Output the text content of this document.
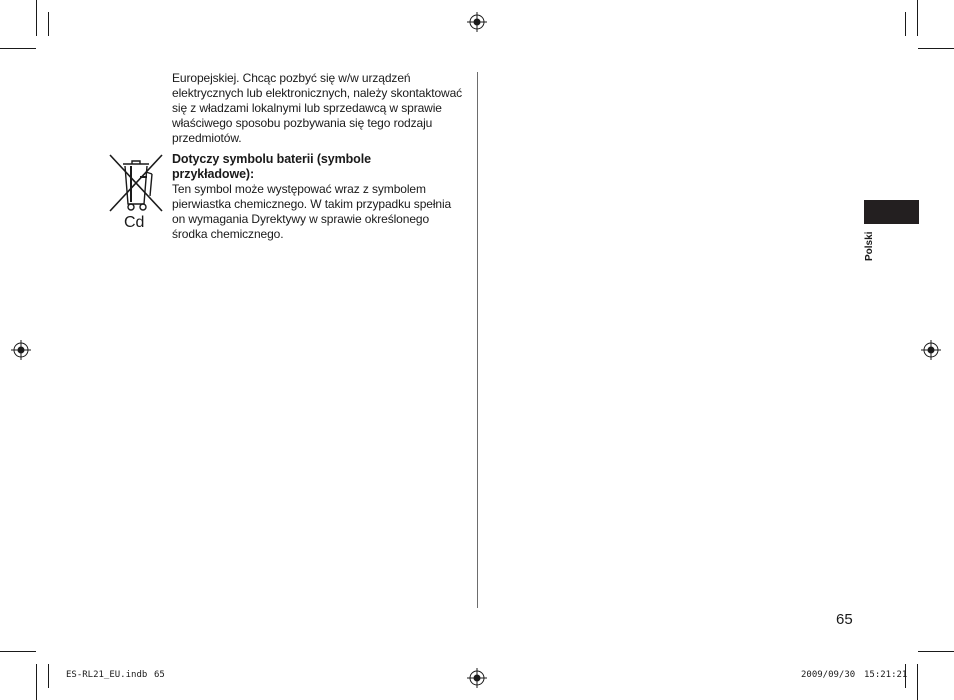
Europejskiej. Chcąc pozbyć się w/w urządzeń
elektrycznych lub elektronicznych, należy skontaktować
się z władzami lokalnymi lub sprzedawcą w sprawie
właściwego sposobu pozbywania się tego rodzaju
przedmiotów.
Cd
Dotyczy symbolu baterii (symbole
przykładowe):
Ten symbol może występować wraz z symbolem
pierwiastka chemicznego. W takim przypadku spełnia
on wymagania Dyrektywy w sprawie określonego
środka chemicznego.	Polski
65
ES-RL21_EU.indb 65	2009/09/30 15:21:21
